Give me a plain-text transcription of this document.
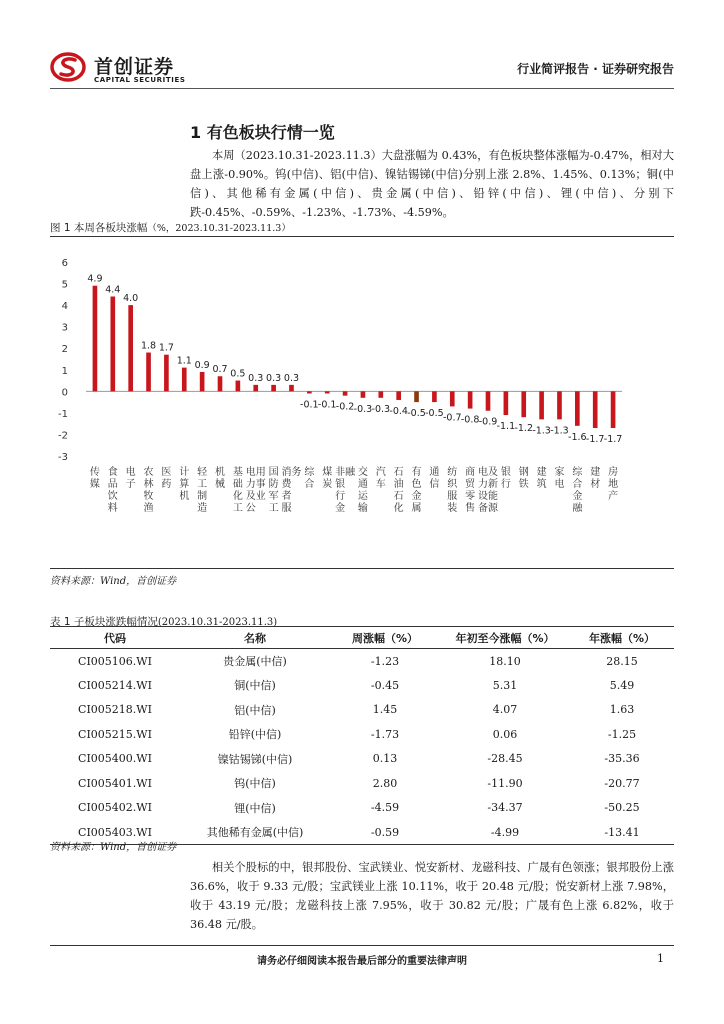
首创证券
CAPITAL SECURITIES
行业简评报告 · 证券研究报告
1 有色板块行情一览
本周（2023.10.31-2023.11.3）大盘涨幅为 0.43%，有色板块整体涨幅为-0.47%，相对大盘上涨-0.90%。钨(中信)、铝(中信)、镍钴锡锑(中信)分别上涨 2.8%、1.45%、0.13%；铜(中信)、其他稀有金属(中信)、贵金属(中信)、铅锌(中信)、锂(中信)、分别下跌-0.45%、-0.59%、-1.23%、-1.73%、-4.59%。
图 1 本周各板块涨幅（%，2023.10.31-2023.11.3）
6
5
4
3
2
1
0
-1
-2
-3
4.9
4.4
4.0
1.8 1.7
1.1 0.9 0.7 0.5 0.3 0.3 0.3
-0.1 -0.1 -0.2 -0.3 -0.3 -0.4 -0.5 -0.5 -0.7 -0.8 -0.9 -1.1 -1.2 -1.3 -1.3
-1.6 -1.7 -1.7
传媒
食品饮料
电子
农林牧渔
医药
计算机
轻工制造
机械
基础化工
电力及公用事业
国防军工
消费者服务 综合
煤炭
非银行金融 交通运输
汽车
石油石化
有色金属
通信
纺织服装
商贸零售
电力设备及新能源
银行
钢铁
建筑
家电
综合金融
建材
房地产
资料来源：Wind，首创证券
表 1 子板块涨跌幅情况(2023.10.31-2023.11.3)
代码	名称	周涨幅（%）	年初至今涨幅（%）	年涨幅（%）
CI005106.WI	贵金属(中信)	-1.23	18.10	28.15
CI005214.WI	铜(中信)	-0.45	5.31	5.49
CI005218.WI	铝(中信)	1.45	4.07	1.63
CI005215.WI	铅锌(中信)	-1.73	0.06	-1.25
CI005400.WI	镍钴锡锑(中信)	0.13	-28.45	-35.36
CI005401.WI	钨(中信)	2.80	-11.90	-20.77
CI005402.WI	锂(中信)	-4.59	-34.37	-50.25
CI005403.WI	其他稀有金属(中信)	-0.59	-4.99	-13.41
资料来源：Wind，首创证券
相关个股标的中，银邦股份、宝武镁业、悦安新材、龙磁科技、广晟有色领涨；银邦股份上涨 36.6%，收于 9.33 元/股；宝武镁业上涨 10.11%，收于 20.48 元/股；悦安新材上涨 7.98%，收于 43.19 元/股；龙磁科技上涨 7.95%，收于 30.82 元/股；广晟有色上涨 6.82%，收于 36.48 元/股。
请务必仔细阅读本报告最后部分的重要法律声明	1
